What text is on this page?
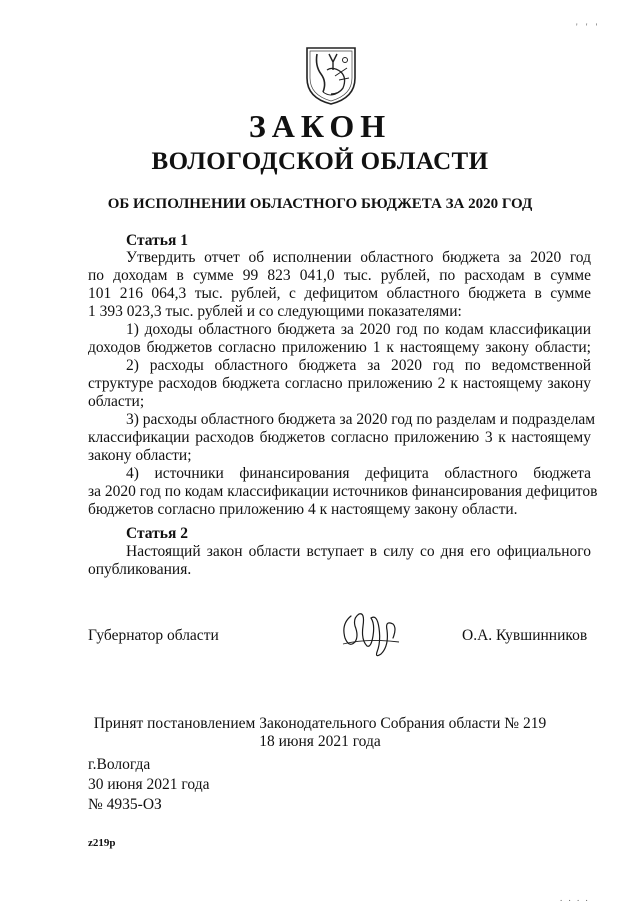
' ' '
ЗАКОН
ВОЛОГОДСКОЙ ОБЛАСТИ
ОБ ИСПОЛНЕНИИ ОБЛАСТНОГО БЮДЖЕТА ЗА 2020 ГОД
Статья 1
Утвердить отчет об исполнении областного бюджета за 2020 год
по доходам в сумме 99 823 041,0 тыс. рублей, по расходам в сумме
101 216 064,3 тыс. рублей, с дефицитом областного бюджета в сумме
1 393 023,3 тыс. рублей и со следующими показателями:
1) доходы областного бюджета за 2020 год по кодам классификации
доходов бюджетов согласно приложению 1 к настоящему закону области;
2) расходы областного бюджета за 2020 год по ведомственной
структуре расходов бюджета согласно приложению 2 к настоящему закону
области;
3) расходы областного бюджета за 2020 год по разделам и подразделам
классификации расходов бюджетов согласно приложению 3 к настоящему
закону области;
4) источники финансирования дефицита областного бюджета
за 2020 год по кодам классификации источников финансирования дефицитов
бюджетов согласно приложению 4 к настоящему закону области.
Статья 2
Настоящий закон области вступает в силу со дня его официального
опубликования.
Губернатор области	О.А. Кувшинников
Принят постановлением Законодательного Собрания области № 219
18 июня 2021 года
г.Вологда
30 июня 2021 года
№ 4935-ОЗ
z219p
. . . .
